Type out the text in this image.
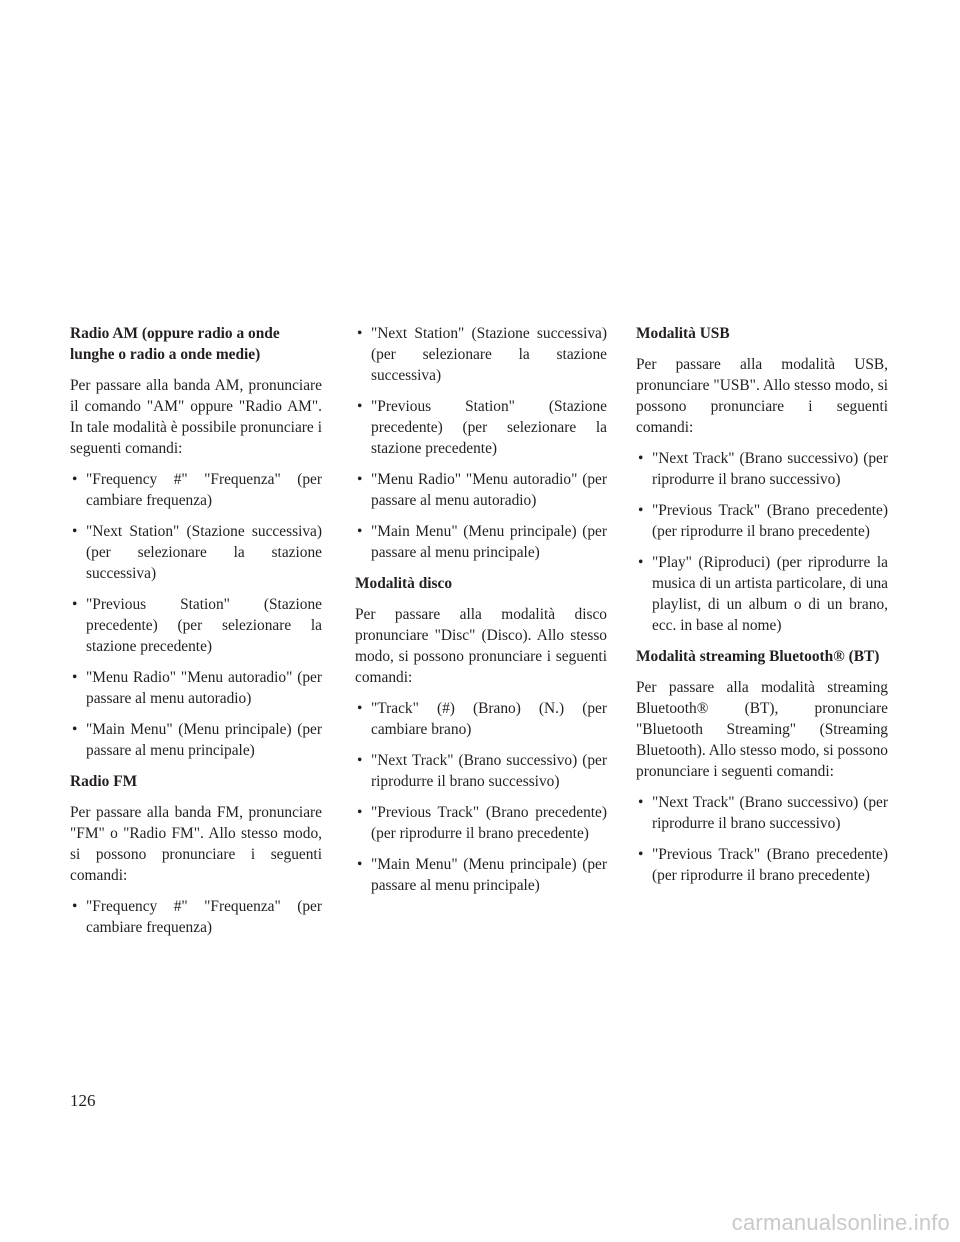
Radio AM (oppure radio a onde lunghe o radio a onde medie)

Per passare alla banda AM, pronunciare il comando "AM" oppure "Radio AM". In tale modalità è possibile pronunciare i seguenti comandi:

• "Frequency #" "Frequenza" (per cambiare frequenza)
• "Next Station" (Stazione successiva) (per selezionare la stazione successiva)
• "Previous Station" (Stazione precedente) (per selezionare la stazione precedente)
• "Menu Radio" "Menu autoradio" (per passare al menu autoradio)
• "Main Menu" (Menu principale) (per passare al menu principale)
Radio FM

Per passare alla banda FM, pronunciare "FM" o "Radio FM". Allo stesso modo, si possono pronunciare i seguenti comandi:

• "Frequency #" "Frequenza" (per cambiare frequenza)
• "Next Station" (Stazione successiva) (per selezionare la stazione successiva)
• "Previous Station" (Stazione precedente) (per selezionare la stazione precedente)
• "Menu Radio" "Menu autoradio" (per passare al menu autoradio)
• "Main Menu" (Menu principale) (per passare al menu principale)
Modalità disco

Per passare alla modalità disco pronunciare "Disc" (Disco). Allo stesso modo, si possono pronunciare i seguenti comandi:

• "Track" (#) (Brano) (N.) (per cambiare brano)
• "Next Track" (Brano successivo) (per riprodurre il brano successivo)
• "Previous Track" (Brano precedente) (per riprodurre il brano precedente)
• "Main Menu" (Menu principale) (per passare al menu principale)
Modalità USB

Per passare alla modalità USB, pronunciare "USB". Allo stesso modo, si possono pronunciare i seguenti comandi:

• "Next Track" (Brano successivo) (per riprodurre il brano successivo)
• "Previous Track" (Brano precedente) (per riprodurre il brano precedente)
• "Play" (Riproduci) (per riprodurre la musica di un artista particolare, di una playlist, di un album o di un brano, ecc. in base al nome)
Modalità streaming Bluetooth® (BT)

Per passare alla modalità streaming Bluetooth® (BT), pronunciare "Bluetooth Streaming" (Streaming Bluetooth). Allo stesso modo, si possono pronunciare i seguenti comandi:

• "Next Track" (Brano successivo) (per riprodurre il brano successivo)
• "Previous Track" (Brano precedente) (per riprodurre il brano precedente)
126
carmanualsonline.info
